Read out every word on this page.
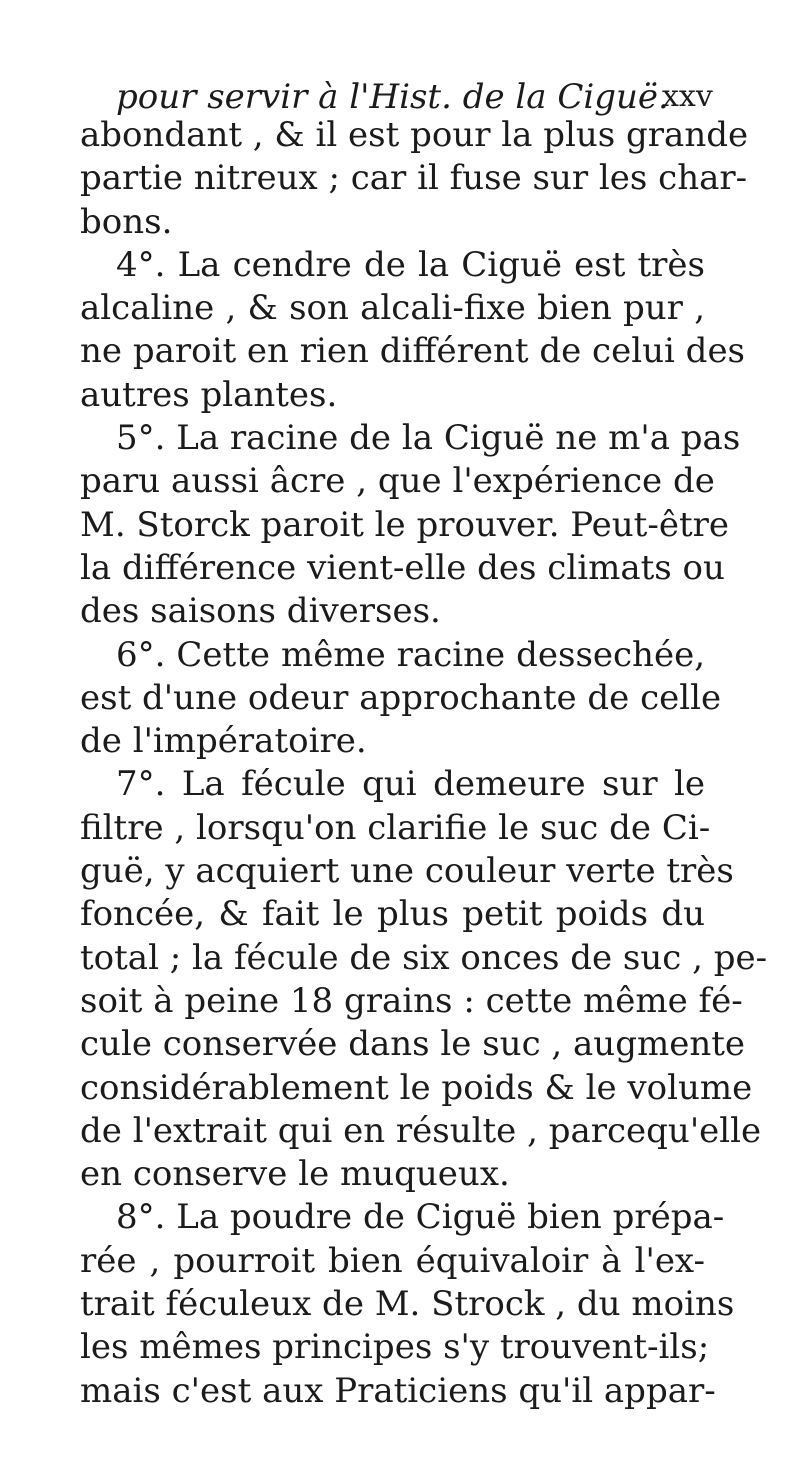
pour servir à l'Hist. de la Ciguë.
xxv
abondant , & il est pour la plus grande
partie nitreux ; car il fuse sur les char-
bons.
4°. La cendre de la Ciguë est très
alcaline , & son alcali-fixe bien pur ,
ne paroit en rien différent de celui des
autres plantes.
5°. La racine de la Ciguë ne m'a pas
paru aussi âcre , que l'expérience de
M. Storck paroit le prouver. Peut-être
la différence vient-elle des climats ou
des saisons diverses.
6°. Cette même racine dessechée,
est d'une odeur approchante de celle
de l'impératoire.
7°. La fécule qui demeure sur le
filtre , lorsqu'on clarifie le suc de Ci-
guë, y acquiert une couleur verte très
foncée, & fait le plus petit poids du
total ; la fécule de six onces de suc , pe-
soit à peine 18 grains : cette même fé-
cule conservée dans le suc , augmente
considérablement le poids & le volume
de l'extrait qui en résulte , parcequ'elle
en conserve le muqueux.
8°. La poudre de Ciguë bien prépa-
rée , pourroit bien équivaloir à l'ex-
trait féculeux de M. Strock , du moins
les mêmes principes s'y trouvent-ils;
mais c'est aux Praticiens qu'il appar-
